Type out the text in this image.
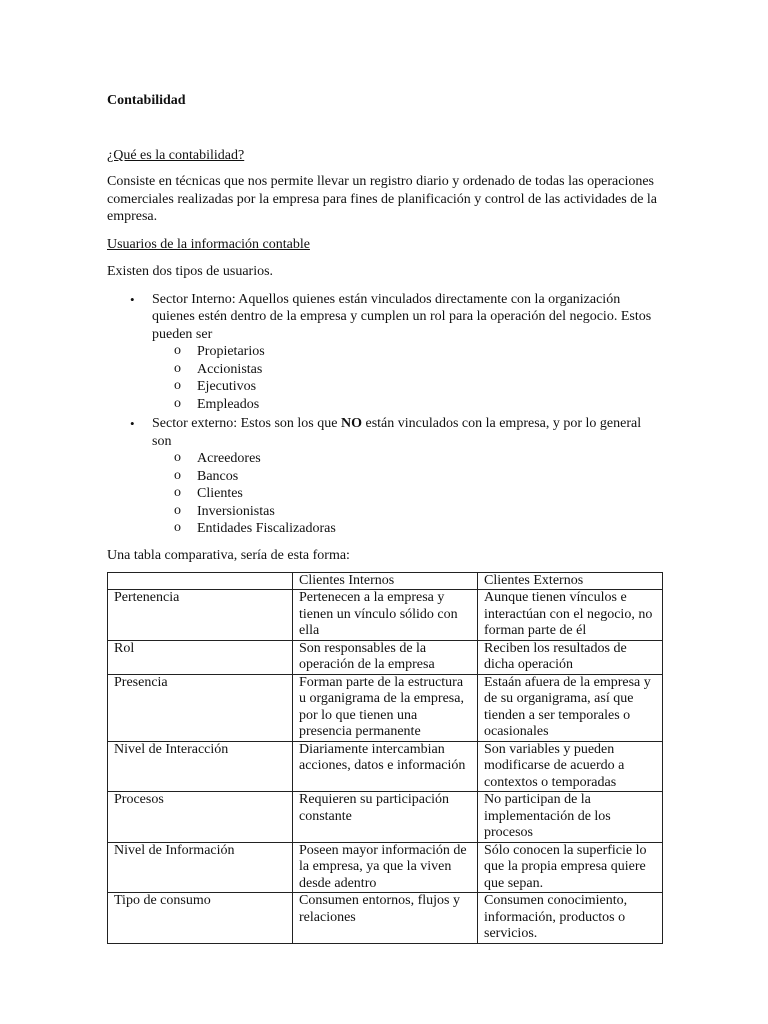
Contabilidad

¿Qué es la contabilidad?

Consiste en técnicas que nos permite llevar un registro diario y ordenado de todas las operaciones comerciales realizadas por la empresa para fines de planificación y control de las actividades de la empresa.

Usuarios de la información contable

Existen dos tipos de usuarios.

• Sector Interno: Aquellos quienes están vinculados directamente con la organización quienes estén dentro de la empresa y cumplen un rol para la operación del negocio. Estos pueden ser
o Propietarios
o Accionistas
o Ejecutivos
o Empleados
• Sector externo: Estos son los que NO están vinculados con la empresa, y por lo general son
o Acreedores
o Bancos
o Clientes
o Inversionistas
o Entidades Fiscalizadoras

Una tabla comparativa, sería de esta forma:

	Clientes Internos	Clientes Externos
Pertenencia	Pertenecen a la empresa y tienen un vínculo sólido con ella	Aunque tienen vínculos e interactúan con el negocio, no forman parte de él
Rol	Son responsables de la operación de la empresa	Reciben los resultados de dicha operación
Presencia	Forman parte de la estructura u organigrama de la empresa, por lo que tienen una presencia permanente	Estaán afuera de la empresa y de su organigrama, así que tienden a ser temporales o ocasionales
Nivel de Interacción	Diariamente intercambian acciones, datos e información	Son variables y pueden modificarse de acuerdo a contextos o temporadas
Procesos	Requieren su participación constante	No participan de la implementación de los procesos
Nivel de Información	Poseen mayor información de la empresa, ya que la viven desde adentro	Sólo conocen la superficie lo que la propia empresa quiere que sepan.
Tipo de consumo	Consumen entornos, flujos y relaciones	Consumen conocimiento, información, productos o servicios.
